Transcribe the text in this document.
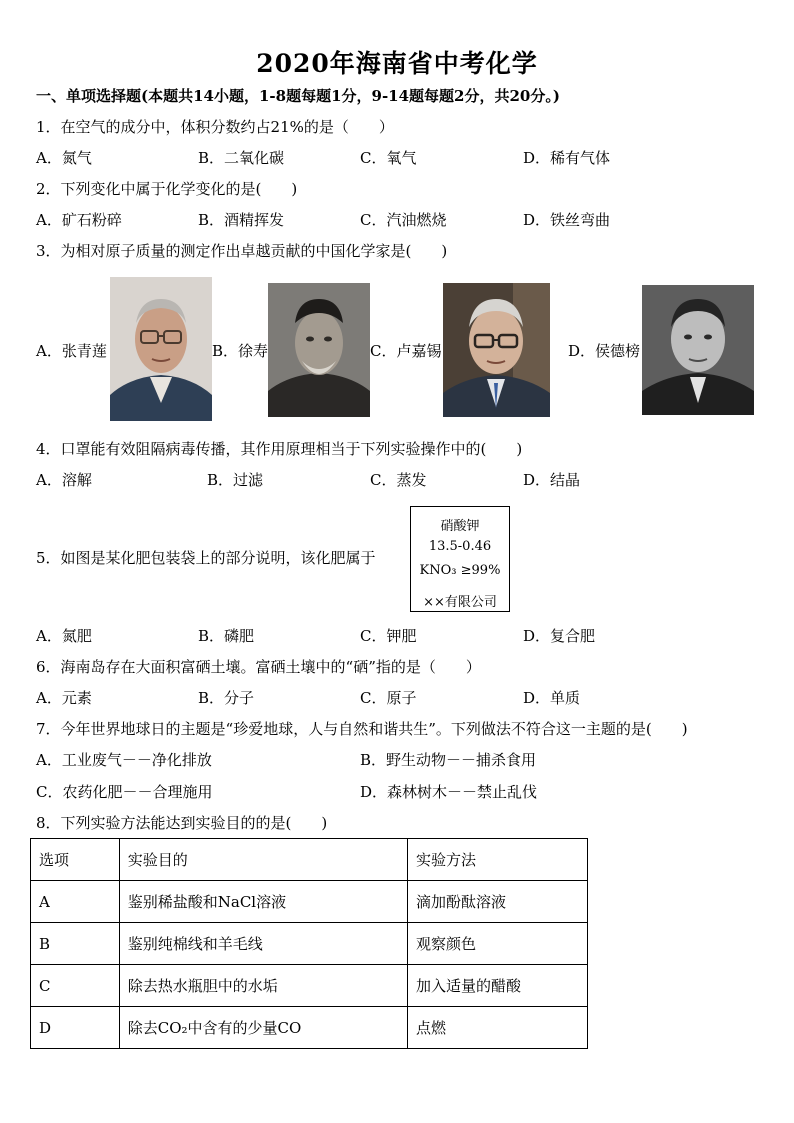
2020年海南省中考化学
一、单项选择题(本题共14小题，1-8题每题1分，9-14题每题2分，共20分。)
1．在空气的成分中，体积分数约占21%的是（　　）
A．氮气	B．二氧化碳	C．氧气	D．稀有气体
2．下列变化中属于化学变化的是(　　)
A．矿石粉碎	B．酒精挥发	C．汽油燃烧	D．铁丝弯曲
3．为相对原子质量的测定作出卓越贡献的中国化学家是(　　)
A．张青莲	B．徐寿	C．卢嘉锡	D．侯德榜
4．口罩能有效阻隔病毒传播，其作用原理相当于下列实验操作中的(　　)
A．溶解	B．过滤	C．蒸发	D．结晶
5．如图是某化肥包装袋上的部分说明，该化肥属于
硝酸钾
13.5-0.46
KNO₃ ≥99%
××有限公司
A．氮肥	B．磷肥	C．钾肥	D．复合肥
6．海南岛存在大面积富硒土壤。富硒土壤中的“硒”指的是（　　）
A．元素	B．分子	C．原子	D．单质
7．今年世界地球日的主题是“珍爱地球，人与自然和谐共生”。下列做法不符合这一主题的是(　　)
A．工业废气－－净化排放	B．野生动物－－捕杀食用
C．农药化肥－－合理施用	D．森林树木－－禁止乱伐
8．下列实验方法能达到实验目的的是(　　)
选项	实验目的	实验方法
A	鉴别稀盐酸和NaCl溶液	滴加酚酞溶液
B	鉴别纯棉线和羊毛线	观察颜色
C	除去热水瓶胆中的水垢	加入适量的醋酸
D	除去CO₂中含有的少量CO	点燃
